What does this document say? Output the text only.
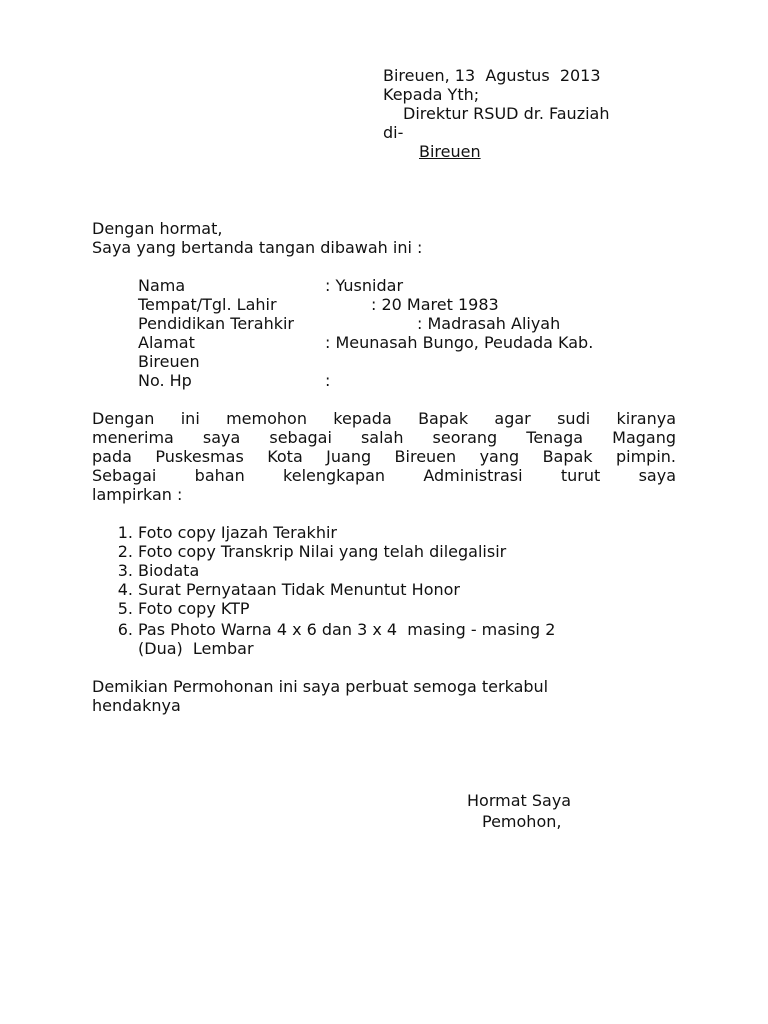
Bireuen, 13  Agustus  2013
Kepada Yth;
Direktur RSUD dr. Fauziah
di-
Bireuen
Dengan hormat,
Saya yang bertanda tangan dibawah ini :
Nama	: Yusnidar
Tempat/Tgl. Lahir	: 20 Maret 1983
Pendidikan Terahkir	: Madrasah Aliyah
Alamat	: Meunasah Bungo, Peudada Kab.
Bireuen
No. Hp	:
Dengan ini memohon kepada Bapak agar sudi kiranya
menerima saya sebagai salah seorang Tenaga Magang
pada Puskesmas Kota Juang Bireuen yang Bapak pimpin.
Sebagai bahan kelengkapan Administrasi turut saya
lampirkan :
1. Foto copy Ijazah Terakhir
2. Foto copy Transkrip Nilai yang telah dilegalisir
3. Biodata
4. Surat Pernyataan Tidak Menuntut Honor
5. Foto copy KTP
6. Pas Photo Warna 4 x 6 dan 3 x 4  masing - masing 2
(Dua)  Lembar
Demikian Permohonan ini saya perbuat semoga terkabul
hendaknya
Hormat Saya
Pemohon,
